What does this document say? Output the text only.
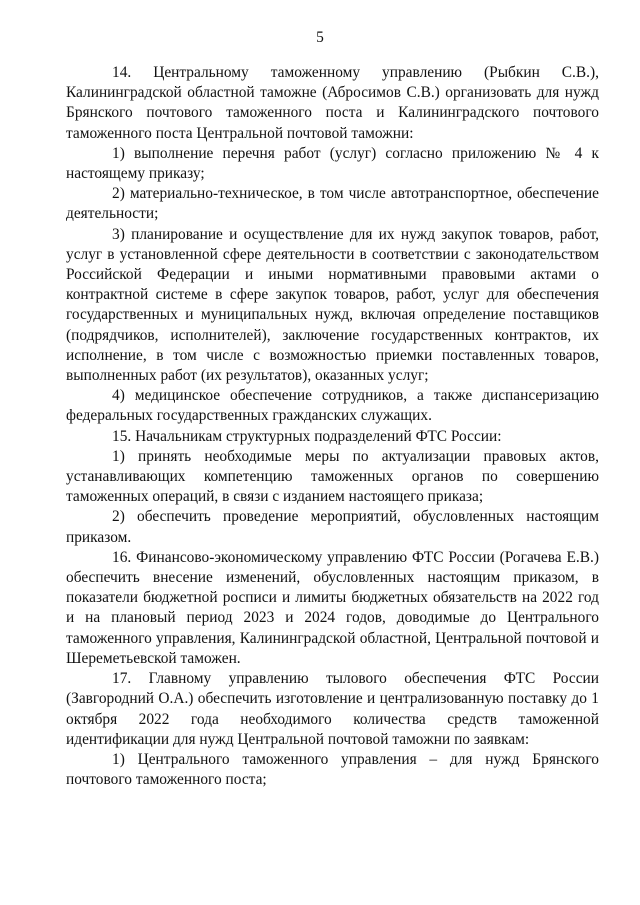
5

14. Центральному таможенному управлению (Рыбкин С.В.), Калининградской областной таможне (Абросимов С.В.) организовать для нужд Брянского почтового таможенного поста и Калининградского почтового таможенного поста Центральной почтовой таможни:

1) выполнение перечня работ (услуг) согласно приложению № 4 к настоящему приказу;

2) материально-техническое, в том числе автотранспортное, обеспечение деятельности;

3) планирование и осуществление для их нужд закупок товаров, работ, услуг в установленной сфере деятельности в соответствии с законодательством Российской Федерации и иными нормативными правовыми актами о контрактной системе в сфере закупок товаров, работ, услуг для обеспечения государственных и муниципальных нужд, включая определение поставщиков (подрядчиков, исполнителей), заключение государственных контрактов, их исполнение, в том числе с возможностью приемки поставленных товаров, выполненных работ (их результатов), оказанных услуг;

4) медицинское обеспечение сотрудников, а также диспансеризацию федеральных государственных гражданских служащих.

15. Начальникам структурных подразделений ФТС России:

1) принять необходимые меры по актуализации правовых актов, устанавливающих компетенцию таможенных органов по совершению таможенных операций, в связи с изданием настоящего приказа;

2) обеспечить проведение мероприятий, обусловленных настоящим приказом.

16. Финансово-экономическому управлению ФТС России (Рогачева Е.В.) обеспечить внесение изменений, обусловленных настоящим приказом, в показатели бюджетной росписи и лимиты бюджетных обязательств на 2022 год и на плановый период 2023 и 2024 годов, доводимые до Центрального таможенного управления, Калининградской областной, Центральной почтовой и Шереметьевской таможен.

17. Главному управлению тылового обеспечения ФТС России (Завгородний О.А.) обеспечить изготовление и централизованную поставку до 1 октября 2022 года необходимого количества средств таможенной идентификации для нужд Центральной почтовой таможни по заявкам:

1) Центрального таможенного управления – для нужд Брянского почтового таможенного поста;
